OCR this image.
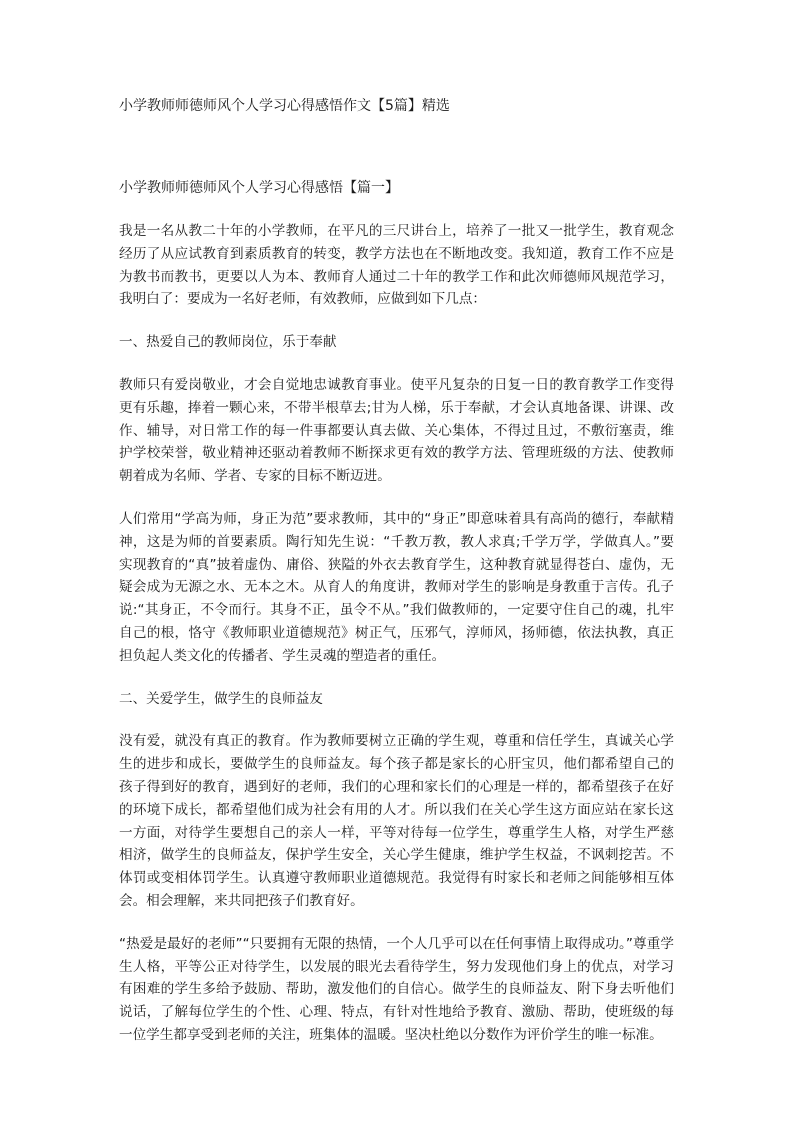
小学教师师德师风个人学习心得感悟作文【5篇】精选
小学教师师德师风个人学习心得感悟【篇一】

我是一名从教二十年的小学教师，在平凡的三尺讲台上，培养了一批又一批学生，教育观念经历了从应试教育到素质教育的转变，教学方法也在不断地改变。我知道，教育工作不应是为教书而教书，更要以人为本、教师育人通过二十年的教学工作和此次师德师风规范学习，我明白了：要成为一名好老师，有效教师，应做到如下几点：

一、热爱自己的教师岗位，乐于奉献

教师只有爱岗敬业，才会自觉地忠诚教育事业。使平凡复杂的日复一日的教育教学工作变得更有乐趣，捧着一颗心来，不带半根草去;甘为人梯，乐于奉献，才会认真地备课、讲课、改作、辅导，对日常工作的每一件事都要认真去做、关心集体，不得过且过，不敷衍塞责，维护学校荣誉，敬业精神还驱动着教师不断探求更有效的教学方法、管理班级的方法、使教师朝着成为名师、学者、专家的目标不断迈进。

人们常用“学高为师，身正为范”要求教师，其中的“身正”即意味着具有高尚的德行，奉献精神，这是为师的首要素质。陶行知先生说：“千教万教，教人求真;千学万学，学做真人。”要实现教育的“真”披着虚伪、庸俗、狭隘的外衣去教育学生，这种教育就显得苍白、虚伪，无疑会成为无源之水、无本之木。从育人的角度讲，教师对学生的影响是身教重于言传。孔子说:“其身正，不令而行。其身不正，虽令不从。”我们做教师的，一定要守住自己的魂，扎牢自己的根，恪守《教师职业道德规范》树正气，压邪气，淳师风，扬师德，依法执教，真正担负起人类文化的传播者、学生灵魂的塑造者的重任。

二、关爱学生，做学生的良师益友

没有爱，就没有真正的教育。作为教师要树立正确的学生观，尊重和信任学生，真诚关心学生的进步和成长，要做学生的良师益友。每个孩子都是家长的心肝宝贝，他们都希望自己的孩子得到好的教育，遇到好的老师，我们的心理和家长们的心理是一样的，都希望孩子在好的环境下成长，都希望他们成为社会有用的人才。所以我们在关心学生这方面应站在家长这一方面，对待学生要想自己的亲人一样，平等对待每一位学生，尊重学生人格，对学生严慈相济，做学生的良师益友，保护学生安全，关心学生健康，维护学生权益，不讽刺挖苦。不体罚或变相体罚学生。认真遵守教师职业道德规范。我觉得有时家长和老师之间能够相互体会。相会理解，来共同把孩子们教育好。

“热爱是最好的老师”“只要拥有无限的热情，一个人几乎可以在任何事情上取得成功。”尊重学生人格，平等公正对待学生，以发展的眼光去看待学生，努力发现他们身上的优点，对学习有困难的学生多给予鼓励、帮助，激发他们的自信心。做学生的良师益友、附下身去听他们说话，了解每位学生的个性、心理、特点，有针对性地给予教育、激励、帮助，使班级的每一位学生都享受到老师的关注，班集体的温暖。坚决杜绝以分数作为评价学生的唯一标准。
